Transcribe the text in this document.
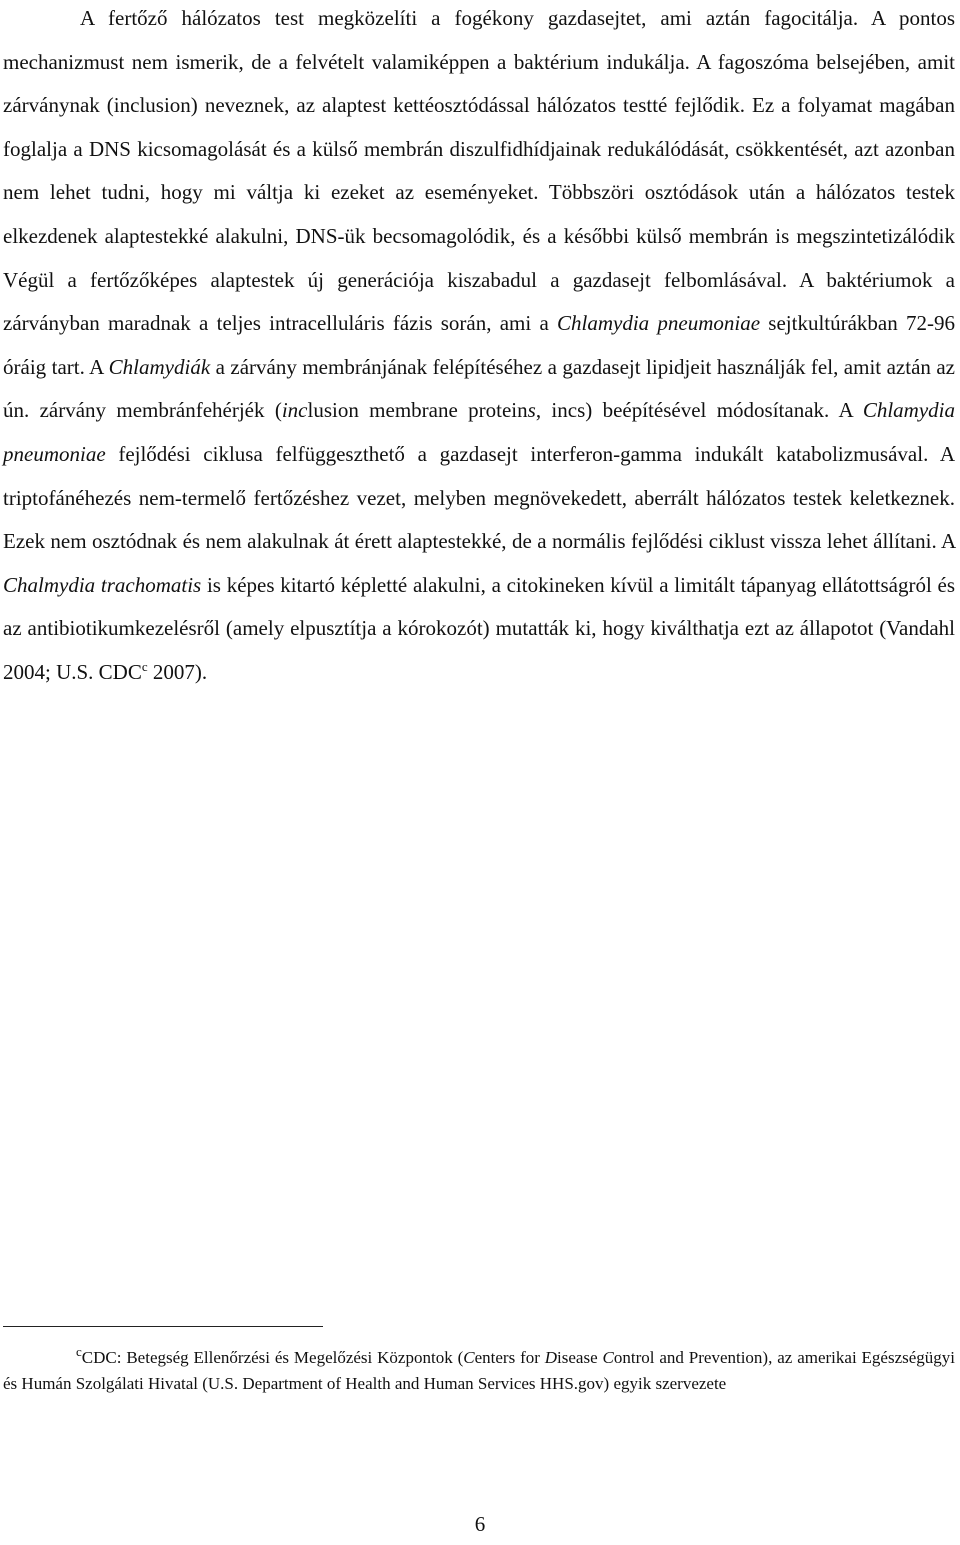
A fertőző hálózatos test megközelíti a fogékony gazdasejtet, ami aztán fagocitálja. A pontos mechanizmust nem ismerik, de a felvételt valamiképpen a baktérium indukálja. A fagoszóma belsejében, amit zárványnak (inclusion) neveznek, az alaptest kettéosztódással hálózatos testté fejlődik. Ez a folyamat magában foglalja a DNS kicsomagolását és a külső membrán diszulfidhídjainak redukálódását, csökkentését, azt azonban nem lehet tudni, hogy mi váltja ki ezeket az eseményeket. Többszöri osztódások után a hálózatos testek elkezdenek alaptestekké alakulni, DNS-ük becsomagolódik, és a későbbi külső membrán is megszintetizálódik Végül a fertőzőképes alaptestek új generációja kiszabadul a gazdasejt felbomlásával. A baktériumok a zárványban maradnak a teljes intracelluláris fázis során, ami a Chlamydia pneumoniae sejtkultúrákban 72-96 óráig tart. A Chlamydiák a zárvány membránjának felépítéséhez a gazdasejt lipidjeit használják fel, amit aztán az ún. zárvány membránfehérjék (inclusion membrane proteins, incs) beépítésével módosítanak. A Chlamydia pneumoniae fejlődési ciklusa felfüggeszthető a gazdasejt interferon-gamma indukált katabolizmusával. A triptofánéhezés nem-termelő fertőzéshez vezet, melyben megnövekedett, aberrált hálózatos testek keletkeznek. Ezek nem osztódnak és nem alakulnak át érett alaptestekké, de a normális fejlődési ciklust vissza lehet állítani. A Chalmydia trachomatis is képes kitartó képletté alakulni, a citokineken kívül a limitált tápanyag ellátottságról és az antibiotikumkezelésről (amely elpusztítja a kórokozót) mutatták ki, hogy kiválthatja ezt az állapotot (Vandahl 2004; U.S. CDC$^c$ 2007).

$^c$CDC: Betegség Ellenőrzési és Megelőzési Központok (Centers for Disease Control and Prevention), az amerikai Egészségügyi és Humán Szolgálati Hivatal (U.S. Department of Health and Human Services HHS.gov) egyik szervezete

6
